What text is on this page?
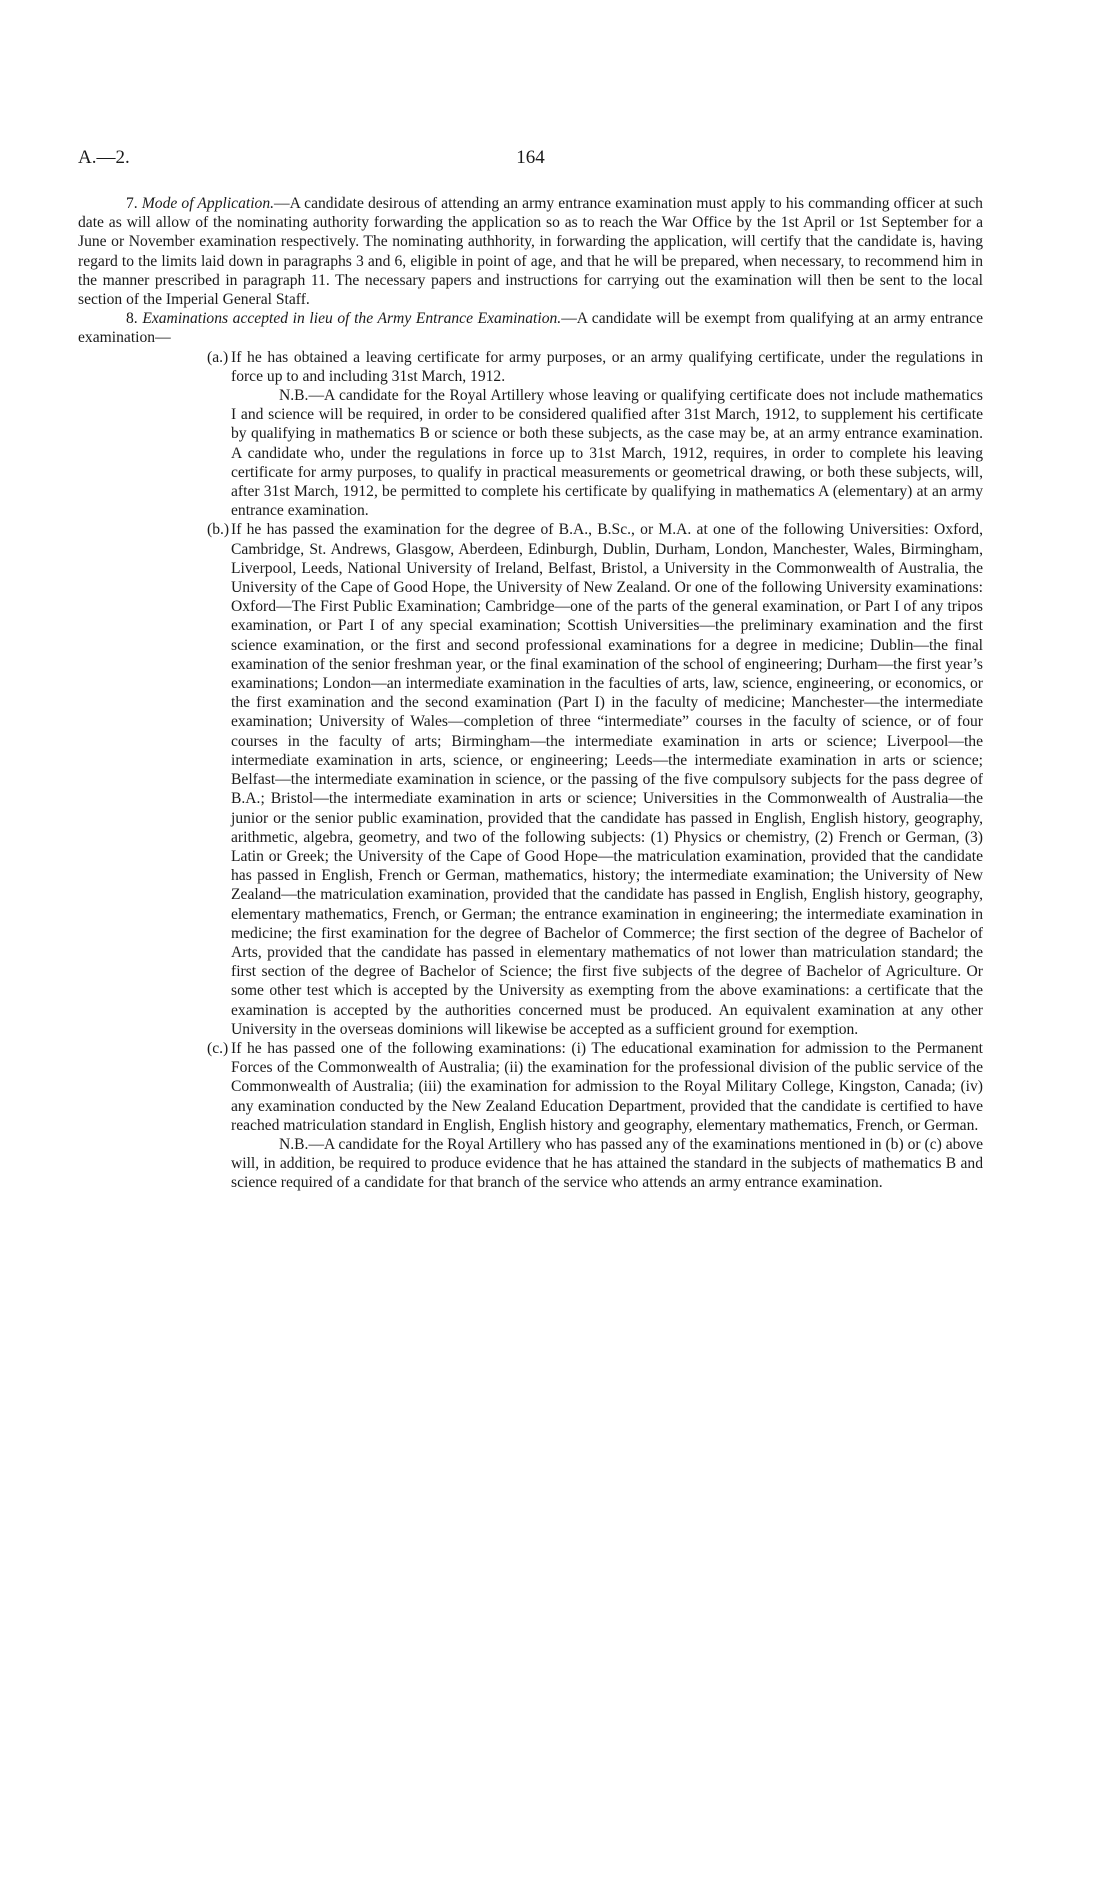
A.—2.	164

7. Mode of Application.—A candidate desirous of attending an army entrance examination must apply to his commanding officer at such date as will allow of the nominating authority forwarding the application so as to reach the War Office by the 1st April or 1st September for a June or November examination respectively. The nominating authhority, in forwarding the application, will certify that the candidate is, having regard to the limits laid down in paragraphs 3 and 6, eligible in point of age, and that he will be prepared, when necessary, to recommend him in the manner prescribed in paragraph 11. The necessary papers and instructions for carrying out the examination will then be sent to the local section of the Imperial General Staff.

8. Examinations accepted in lieu of the Army Entrance Examination.—A candidate will be exempt from qualifying at an army entrance examination—

(a.) If he has obtained a leaving certificate for army purposes, or an army qualifying certificate, under the regulations in force up to and including 31st March, 1912.

N.B.—A candidate for the Royal Artillery whose leaving or qualifying certificate does not include mathematics I and science will be required, in order to be considered qualified after 31st March, 1912, to supplement his certificate by qualifying in mathematics B or science or both these subjects, as the case may be, at an army entrance examination. A candidate who, under the regulations in force up to 31st March, 1912, requires, in order to complete his leaving certificate for army purposes, to qualify in practical measurements or geometrical drawing, or both these subjects, will, after 31st March, 1912, be permitted to complete his certificate by qualifying in mathematics A (elementary) at an army entrance examination.

(b.) If he has passed the examination for the degree of B.A., B.Sc., or M.A. at one of the following Universities: Oxford, Cambridge, St. Andrews, Glasgow, Aberdeen, Edinburgh, Dublin, Durham, London, Manchester, Wales, Birmingham, Liverpool, Leeds, National University of Ireland, Belfast, Bristol, a University in the Commonwealth of Australia, the University of the Cape of Good Hope, the University of New Zealand. Or one of the following University examinations: Oxford—The First Public Examination; Cambridge—one of the parts of the general examination, or Part I of any tripos examination, or Part I of any special examination; Scottish Universities—the preliminary examination and the first science examination, or the first and second professional examinations for a degree in medicine; Dublin—the final examination of the senior freshman year, or the final examination of the school of engineering; Durham—the first year’s examinations; London—an intermediate examination in the faculties of arts, law, science, engineering, or economics, or the first examination and the second examination (Part I) in the faculty of medicine; Manchester—the intermediate examination; University of Wales—completion of three “intermediate” courses in the faculty of science, or of four courses in the faculty of arts; Birmingham—the intermediate examination in arts or science; Liverpool—the intermediate examination in arts, science, or engineering; Leeds—the intermediate examination in arts or science; Belfast—the intermediate examination in science, or the passing of the five compulsory subjects for the pass degree of B.A.; Bristol—the intermediate examination in arts or science; Universities in the Commonwealth of Australia—the junior or the senior public examination, provided that the candidate has passed in English, English history, geography, arithmetic, algebra, geometry, and two of the following subjects: (1) Physics or chemistry, (2) French or German, (3) Latin or Greek; the University of the Cape of Good Hope—the matriculation examination, provided that the candidate has passed in English, French or German, mathematics, history; the intermediate examination; the University of New Zealand—the matriculation examination, provided that the candidate has passed in English, English history, geography, elementary mathematics, French, or German; the entrance examination in engineering; the intermediate examination in medicine; the first examination for the degree of Bachelor of Commerce; the first section of the degree of Bachelor of Arts, provided that the candidate has passed in elementary mathematics of not lower than matriculation standard; the first section of the degree of Bachelor of Science; the first five subjects of the degree of Bachelor of Agriculture. Or some other test which is accepted by the University as exempting from the above examinations: a certificate that the examination is accepted by the authorities concerned must be produced. An equivalent examination at any other University in the overseas dominions will likewise be accepted as a sufficient ground for exemption.

(c.) If he has passed one of the following examinations: (i) The educational examination for admission to the Permanent Forces of the Commonwealth of Australia; (ii) the examination for the professional division of the public service of the Commonwealth of Australia; (iii) the examination for admission to the Royal Military College, Kingston, Canada; (iv) any examination conducted by the New Zealand Education Department, provided that the candidate is certified to have reached matriculation standard in English, English history and geography, elementary mathematics, French, or German.

N.B.—A candidate for the Royal Artillery who has passed any of the examinations mentioned in (b) or (c) above will, in addition, be required to produce evidence that he has attained the standard in the subjects of mathematics B and science required of a candidate for that branch of the service who attends an army entrance examination.
